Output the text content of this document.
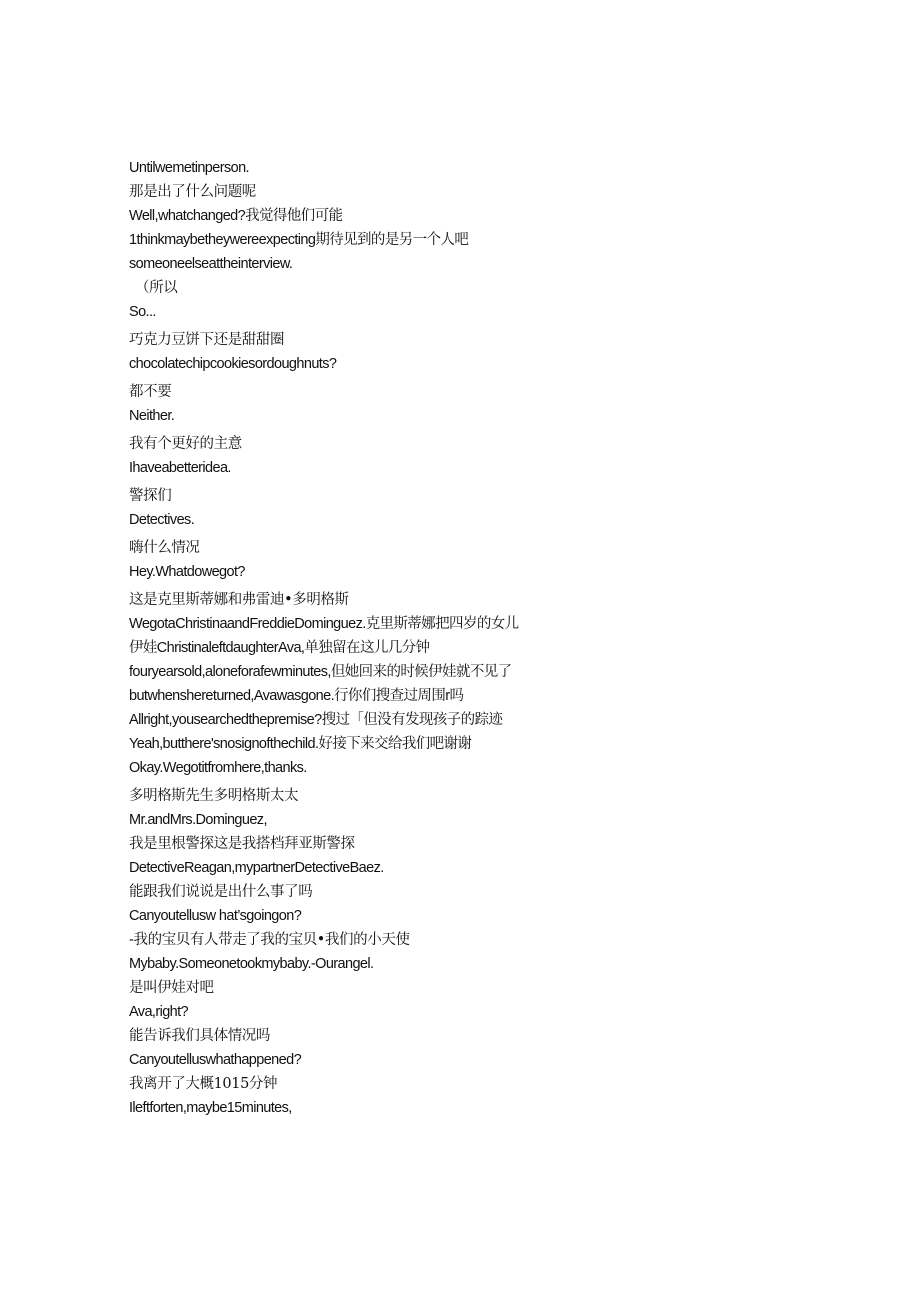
Untilwemetinperson.
那是出了什么问题呢
Well,whatchanged?我觉得他们可能
1thinkmaybetheywereexpecting期待见到的是另一个人吧
someoneelseattheinterview.
（所以
So...
巧克力豆饼下还是甜甜圈
chocolatechipcookiesordoughnuts?
都不要
Neither.
我有个更好的主意
Ihaveabetteridea.
警探们
Detectives.
嗨什么情况
Hey.Whatdowegot?
这是克里斯蒂娜和弗雷迪•多明格斯
WegotaChristinaandFreddieDominguez.克里斯蒂娜把四岁的女儿
伊娃ChristinaleftdaughterAva,单独留在这儿几分钟
fouryearsold,aloneforafewminutes,但她回来的时候伊娃就不见了
butwhenshereturned,Avawasgone.行你们搜查过周围r吗
Allright,yousearchedthepremise?搜过「但没有发现孩子的踪迹
Yeah,butthere'snosignofthechild.好接下来交给我们吧谢谢
Okay.Wegotitfromhere,thanks.
多明格斯先生多明格斯太太
Mr.andMrs.Dominguez,
我是里根警探这是我搭档拜亚斯警探
DetectiveReagan,mypartnerDetectiveBaez.
能跟我们说说是出什么事了吗
Canyoutellusw hat’sgoingon?
-我的宝贝有人带走了我的宝贝•我们的小天使
Mybaby.Someonetookmybaby.-Ourangel.
是叫伊娃对吧
Ava,right?
能告诉我们具体情况吗
Canyoutelluswhathappened?
我离开了大概1015分钟
Ileftforten,maybe15minutes,
